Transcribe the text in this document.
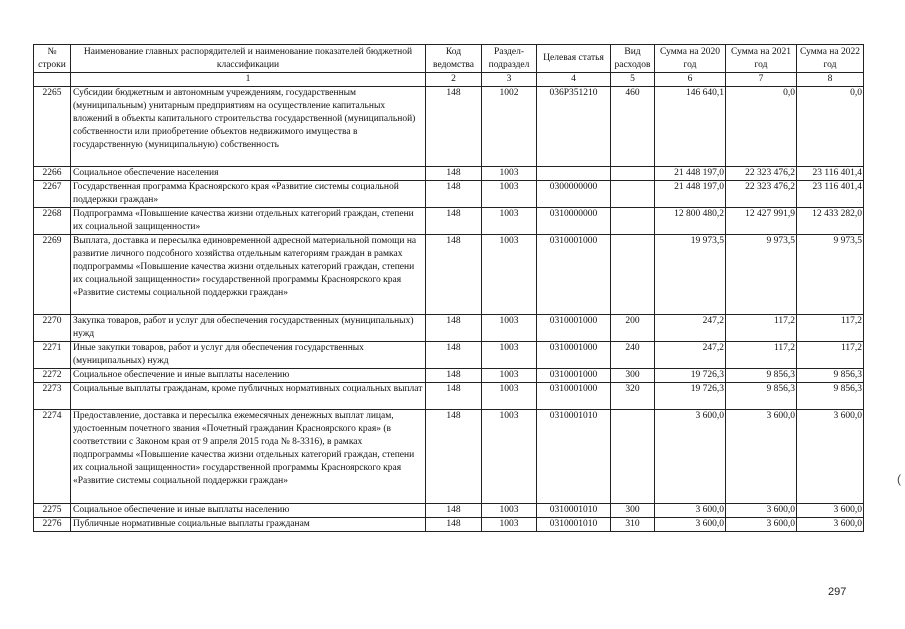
№ строки	Наименование главных распорядителей и наименование показателей бюджетной классификации	Код ведомства	Раздел-подраздел	Целевая статья	Вид расходов	Сумма на 2020 год	Сумма на 2021 год	Сумма на 2022 год
	1	2	3	4	5	6	7	8
2265	Субсидии бюджетным и автономным учреждениям, государственным (муниципальным) унитарным предприятиям на осуществление капитальных вложений в объекты капитального строительства государственной (муниципальной) собственности или приобретение объектов недвижимого имущества в государственную (муниципальную) собственность	148	1002	036P351210	460	146 640,1	0,0	0,0
2266	Социальное обеспечение населения	148	1003			21 448 197,0	22 323 476,2	23 116 401,4
2267	Государственная программа Красноярского края «Развитие системы социальной поддержки граждан»	148	1003	0300000000		21 448 197,0	22 323 476,2	23 116 401,4
2268	Подпрограмма «Повышение качества жизни отдельных категорий граждан, степени их социальной защищенности»	148	1003	0310000000		12 800 480,2	12 427 991,9	12 433 282,0
2269	Выплата, доставка и пересылка единовременной адресной материальной помощи на развитие личного подсобного хозяйства отдельным категориям граждан в рамках подпрограммы «Повышение качества жизни отдельных категорий граждан, степени их социальной защищенности» государственной программы Красноярского края «Развитие системы социальной поддержки граждан»	148	1003	0310001000		19 973,5	9 973,5	9 973,5
2270	Закупка товаров, работ и услуг для обеспечения государственных (муниципальных) нужд	148	1003	0310001000	200	247,2	117,2	117,2
2271	Иные закупки товаров, работ и услуг для обеспечения государственных (муниципальных) нужд	148	1003	0310001000	240	247,2	117,2	117,2
2272	Социальное обеспечение и иные выплаты населению	148	1003	0310001000	300	19 726,3	9 856,3	9 856,3
2273	Социальные выплаты гражданам, кроме публичных нормативных социальных выплат	148	1003	0310001000	320	19 726,3	9 856,3	9 856,3
2274	Предоставление, доставка и пересылка ежемесячных денежных выплат лицам, удостоенным почетного звания «Почетный гражданин Красноярского края» (в соответствии с Законом края от 9 апреля 2015 года № 8-3316), в рамках подпрограммы «Повышение качества жизни отдельных категорий граждан, степени их социальной защищенности» государственной программы Красноярского края «Развитие системы социальной поддержки граждан»	148	1003	0310001010		3 600,0	3 600,0	3 600,0
2275	Социальное обеспечение и иные выплаты населению	148	1003	0310001010	300	3 600,0	3 600,0	3 600,0
2276	Публичные нормативные социальные выплаты гражданам	148	1003	0310001010	310	3 600,0	3 600,0	3 600,0
297
(
